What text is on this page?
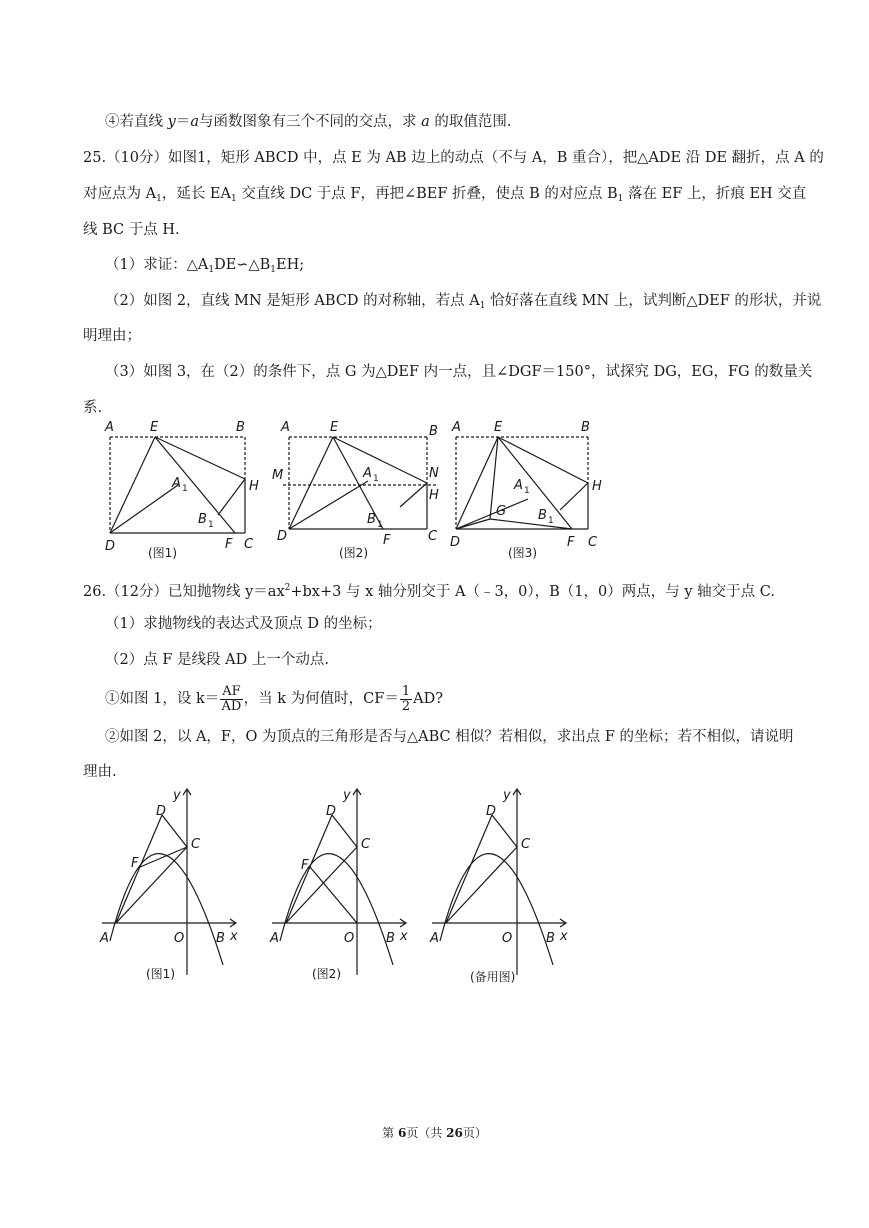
④若直线 y＝a与函数图象有三个不同的交点，求 a 的取值范围.
25.（10分）如图1，矩形 ABCD 中，点 E 为 AB 边上的动点（不与 A，B 重合），把△ADE 沿 DE 翻折，点 A 的
对应点为 $A_1$，延长 $EA_1$ 交直线 DC 于点 F，再把∠BEF 折叠，使点 B 的对应点 $B_1$ 落在 EF 上，折痕 EH 交直
线 BC 于点 H.
（1）求证：$\triangle A_1DE∽\triangle B_1EH$;
（2）如图 2，直线 MN 是矩形 ABCD 的对称轴，若点 $A_1$ 恰好落在直线 MN 上，试判断△DEF 的形状，并说
明理由；
（3）如图 3，在（2）的条件下，点 G 为△DEF 内一点，且∠DGF＝150°，试探究 DG，EG，FG 的数量关
系.
A	E	B
A 1	H
B 1
D	F C
(图1)
A	E	B
M	N
A 1
H
B 1
D	F	C
(图2)
A	E	B
A 1	H
G B 1
D	F C
(图3)
26.（12分）已知抛物线 $y=ax^2+bx+3$ 与 x 轴分别交于 A（﹣3，0），B（1，0）两点，与 y 轴交于点 C.
（1）求抛物线的表达式及顶点 D 的坐标；
（2）点 F 是线段 AD 上一个动点.
①如图 1，设 $k= \frac{AF}{AD}$ ，当 k 为何值时，$CF= \frac{1}{2}$ AD?
②如图 2，以 A，F，O 为顶点的三角形是否与△ABC 相似？若相似，求出点 F 的坐标；若不相似，请说明
理由.
y
D
C
F
A	O B x
(图1)
y
D
C
F
A	O B x
(图2)
y
D
C
A	O	B x
(备用图)
第 6页（共 26页）
